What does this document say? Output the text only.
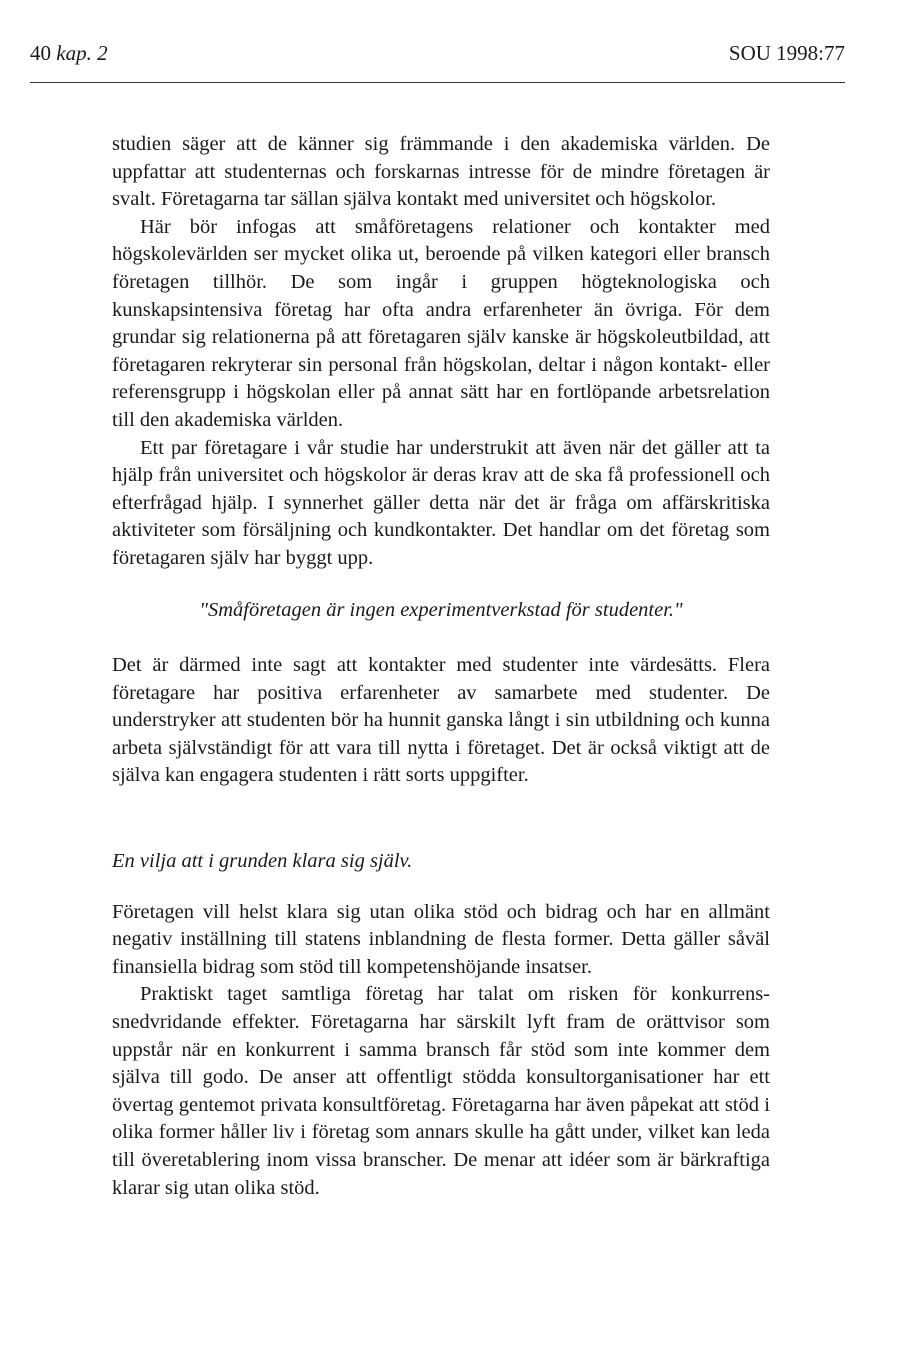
40 kap. 2	SOU 1998:77

studien säger att de känner sig främmande i den akademiska världen. De uppfattar att studenternas och forskarnas intresse för de mindre företagen är svalt. Företagarna tar sällan själva kontakt med universitet och högskolor.

Här bör infogas att småföretagens relationer och kontakter med högskolevärlden ser mycket olika ut, beroende på vilken kategori eller bransch företagen tillhör. De som ingår i gruppen högteknologiska och kunskapsintensiva företag har ofta andra erfarenheter än övriga. För dem grundar sig relationerna på att företagaren själv kanske är högskoleutbildad, att företagaren rekryterar sin personal från högskolan, deltar i någon kontakt- eller referensgrupp i högskolan eller på annat sätt har en fortlöpande arbetsrelation till den akademiska världen.

Ett par företagare i vår studie har understrukit att även när det gäller att ta hjälp från universitet och högskolor är deras krav att de ska få professionell och efterfrågad hjälp. I synnerhet gäller detta när det är fråga om affärskritiska aktiviteter som försäljning och kundkontakter. Det handlar om det företag som företagaren själv har byggt upp.

"Småföretagen är ingen experimentverkstad för studenter."

Det är därmed inte sagt att kontakter med studenter inte värdesätts. Flera företagare har positiva erfarenheter av samarbete med studenter. De understryker att studenten bör ha hunnit ganska långt i sin utbildning och kunna arbeta självständigt för att vara till nytta i företaget. Det är också viktigt att de själva kan engagera studenten i rätt sorts uppgifter.

En vilja att i grunden klara sig själv.

Företagen vill helst klara sig utan olika stöd och bidrag och har en allmänt negativ inställning till statens inblandning de flesta former. Detta gäller såväl finansiella bidrag som stöd till kompetenshöjande insatser.

Praktiskt taget samtliga företag har talat om risken för konkurrenssnedvridande effekter. Företagarna har särskilt lyft fram de orättvisor som uppstår när en konkurrent i samma bransch får stöd som inte kommer dem själva till godo. De anser att offentligt stödda konsultorganisationer har ett övertag gentemot privata konsultföretag. Företagarna har även påpekat att stöd i olika former håller liv i företag som annars skulle ha gått under, vilket kan leda till överetablering inom vissa branscher. De menar att idéer som är bärkraftiga klarar sig utan olika stöd.
